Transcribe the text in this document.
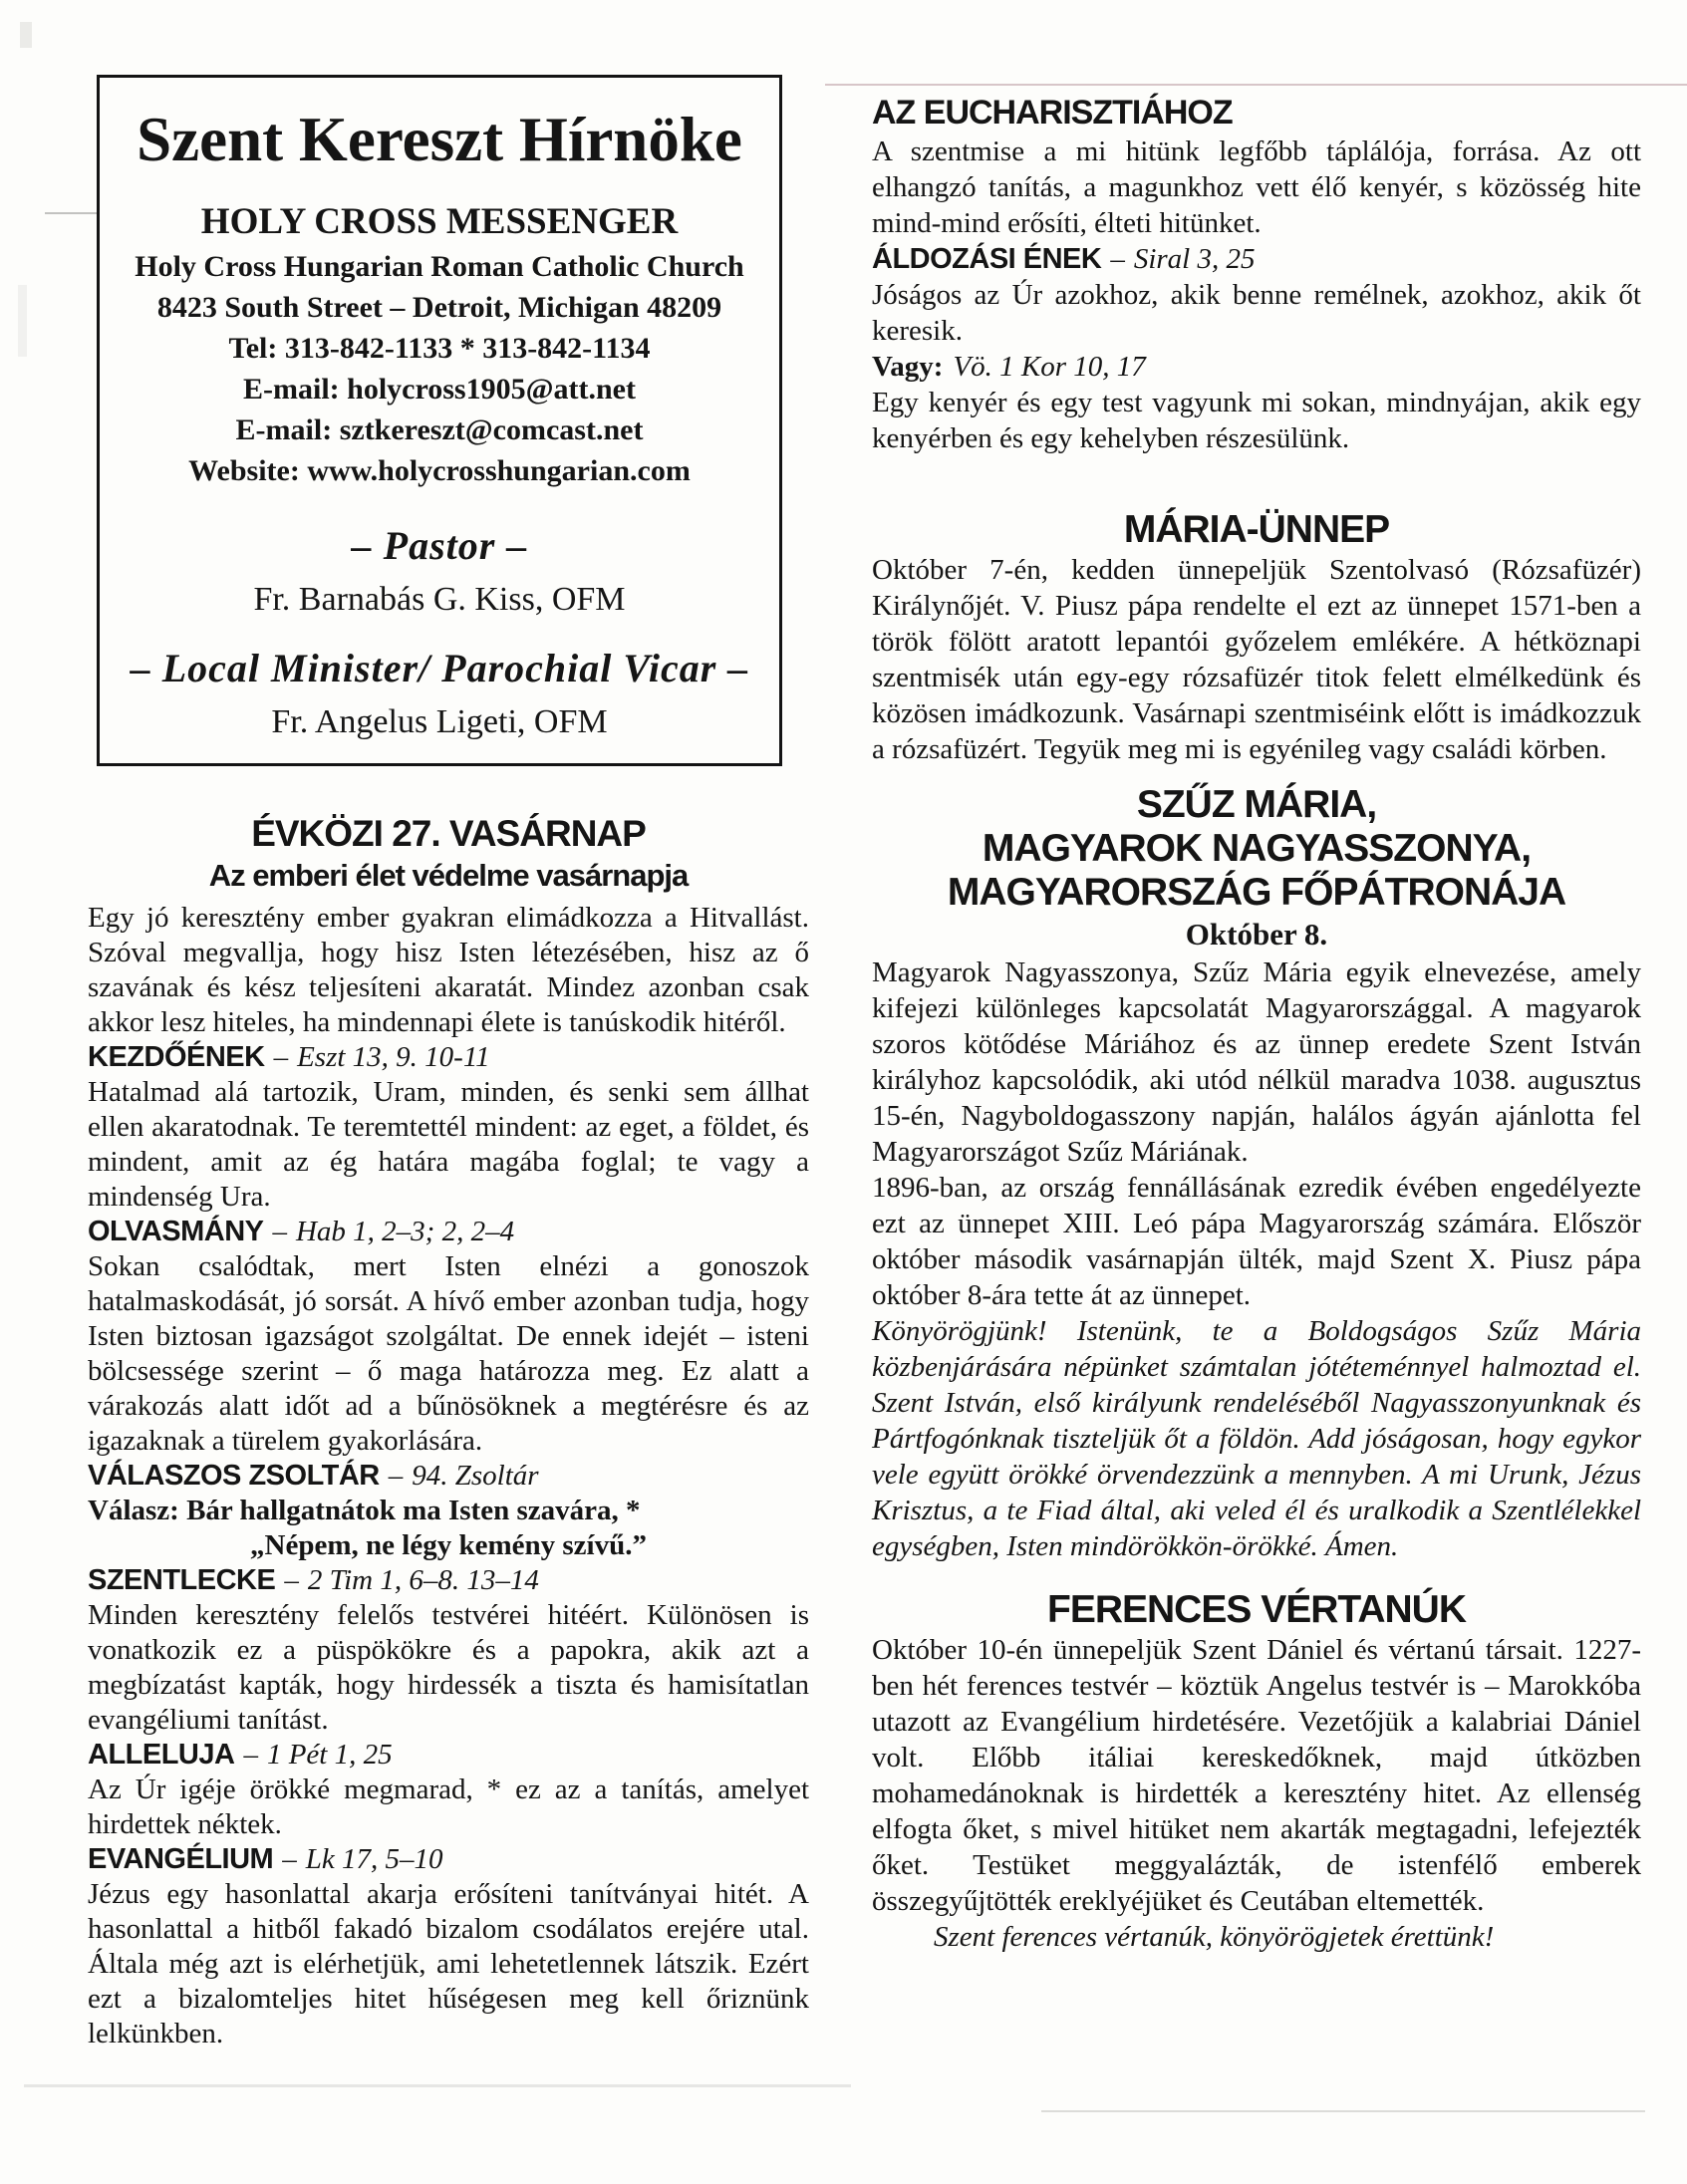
Szent Kereszt Hírnöke
HOLY CROSS MESSENGER
Holy Cross Hungarian Roman Catholic Church
8423 South Street – Detroit, Michigan 48209
Tel: 313-842-1133 * 313-842-1134
E-mail: holycross1905@att.net
E-mail: sztkereszt@comcast.net
Website: www.holycrosshungarian.com
– Pastor –
Fr. Barnabás G. Kiss, OFM
– Local Minister/ Parochial Vicar –
Fr. Angelus Ligeti, OFM
ÉVKÖZI 27. VASÁRNAP
Az emberi élet védelme vasárnapja

Egy jó keresztény ember gyakran elimádkozza a Hitvallást. Szóval megvallja, hogy hisz Isten létezésében, hisz az ő szavának és kész teljesíteni akaratát. Mindez azonban csak akkor lesz hiteles, ha mindennapi élete is tanúskodik hitéről.

KEZDŐÉNEK – Eszt 13, 9. 10-11

Hatalmad alá tartozik, Uram, minden, és senki sem állhat ellen akaratodnak. Te teremtettél mindent: az eget, a földet, és mindent, amit az ég határa magába foglal; te vagy a mindenség Ura.

OLVASMÁNY – Hab 1, 2–3; 2, 2–4

Sokan csalódtak, mert Isten elnézi a gonoszok hatalmaskodását, jó sorsát. A hívő ember azonban tudja, hogy Isten biztosan igazságot szolgáltat. De ennek idejét – isteni bölcsessége szerint – ő maga határozza meg. Ez alatt a várakozás alatt időt ad a bűnösöknek a megtérésre és az igazaknak a türelem gyakorlására.

VÁLASZOS ZSOLTÁR – 94. Zsoltár

Válasz: Bár hallgatnátok ma Isten szavára, *

„Népem, ne légy kemény szívű.”

SZENTLECKE – 2 Tim 1, 6–8. 13–14

Minden keresztény felelős testvérei hitéért. Különösen is vonatkozik ez a püspökökre és a papokra, akik azt a megbízatást kapták, hogy hirdessék a tiszta és hamisítatlan evangéliumi tanítást.

ALLELUJA – 1 Pét 1, 25

Az Úr igéje örökké megmarad, * ez az a tanítás, amelyet hirdettek néktek.

EVANGÉLIUM – Lk 17, 5–10

Jézus egy hasonlattal akarja erősíteni tanítványai hitét. A hasonlattal a hitből fakadó bizalom csodálatos erejére utal. Általa még azt is elérhetjük, ami lehetetlennek látszik. Ezért ezt a bizalomteljes hitet hűségesen meg kell őriznünk lelkünkben.

AZ EUCHARISZTIÁHOZ

A szentmise a mi hitünk legfőbb táplálója, forrása. Az ott elhangzó tanítás, a magunkhoz vett élő kenyér, s közösség hite mind-mind erősíti, élteti hitünket.

ÁLDOZÁSI ÉNEK – Siral 3, 25

Jóságos az Úr azokhoz, akik benne remélnek, azokhoz, akik őt keresik.

Vagy: Vö. 1 Kor 10, 17

Egy kenyér és egy test vagyunk mi sokan, mindnyájan, akik egy kenyérben és egy kehelyben részesülünk.

MÁRIA-ÜNNEP

Október 7-én, kedden ünnepeljük Szentolvasó (Rózsafüzér) Királynőjét. V. Piusz pápa rendelte el ezt az ünnepet 1571-ben a török fölött aratott lepantói győzelem emlékére. A hétköznapi szentmisék után egy-egy rózsafüzér titok felett elmélkedünk és közösen imádkozunk. Vasárnapi szentmiséink előtt is imádkozzuk a rózsafüzért. Tegyük meg mi is egyénileg vagy családi körben.

SZŰZ MÁRIA,
MAGYAROK NAGYASSZONYA,
MAGYARORSZÁG FŐPÁTRONÁJA

Október 8.

Magyarok Nagyasszonya, Szűz Mária egyik elnevezése, amely kifejezi különleges kapcsolatát Magyarországgal. A magyarok szoros kötődése Máriához és az ünnep eredete Szent István királyhoz kapcsolódik, aki utód nélkül maradva 1038. augusztus 15-én, Nagyboldogasszony napján, halálos ágyán ajánlotta fel Magyarországot Szűz Máriának.

1896-ban, az ország fennállásának ezredik évében engedélyezte ezt az ünnepet XIII. Leó pápa Magyarország számára. Először október második vasárnapján ülték, majd Szent X. Piusz pápa október 8-ára tette át az ünnepet.

Könyörögjünk! Istenünk, te a Boldogságos Szűz Mária közbenjárására népünket számtalan jótéteménnyel halmoztad el. Szent István, első királyunk rendeléséből Nagyasszonyunknak és Pártfogónknak tiszteljük őt a földön. Add jóságosan, hogy egykor vele együtt örökké örvendezzünk a mennyben. A mi Urunk, Jézus Krisztus, a te Fiad által, aki veled él és uralkodik a Szentlélekkel egységben, Isten mindörökkön-örökké. Ámen.

FERENCES VÉRTANÚK

Október 10-én ünnepeljük Szent Dániel és vértanú társait. 1227-ben hét ferences testvér – köztük Angelus testvér is – Marokkóba utazott az Evangélium hirdetésére. Vezetőjük a kalabriai Dániel volt. Előbb itáliai kereskedőknek, majd útközben mohamedánoknak is hirdették a keresztény hitet. Az ellenség elfogta őket, s mivel hitüket nem akarták megtagadni, lefejezték őket. Testüket meggyalázták, de istenfélő emberek összegyűjtötték ereklyéjüket és Ceutában eltemették.

Szent ferences vértanúk, könyörögjetek érettünk!
